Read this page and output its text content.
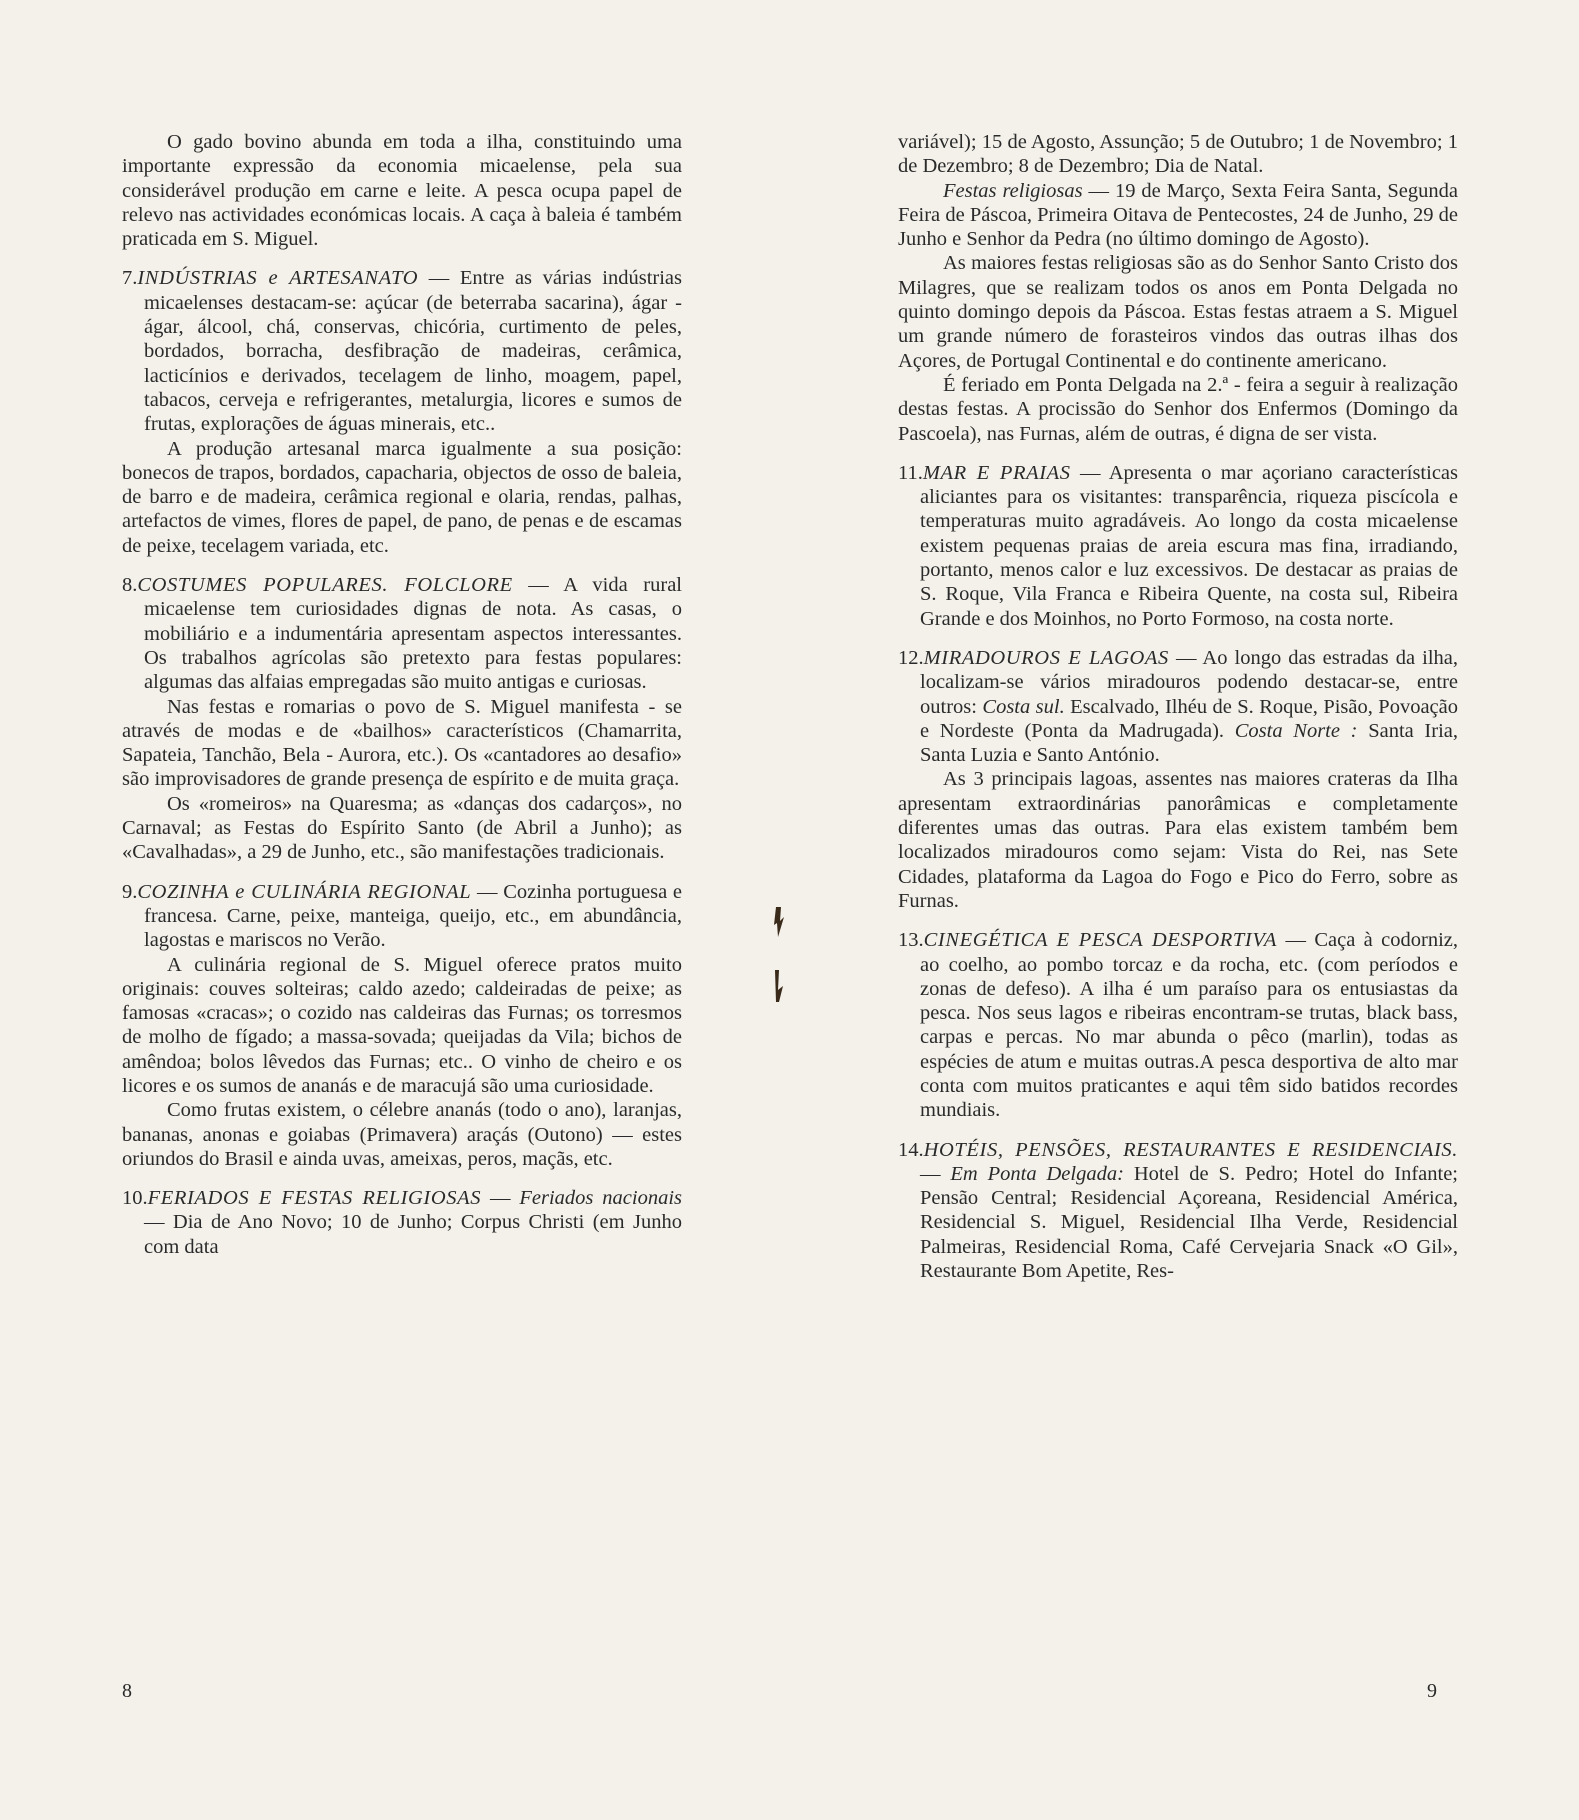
O gado bovino abunda em toda a ilha, constituindo uma importante expressão da economia micaelense, pela sua considerável produção em carne e leite. A pesca ocupa papel de relevo nas actividades económicas locais. A caça à baleia é também praticada em S. Miguel.

7.INDÚSTRIAS e ARTESANATO — Entre as várias indústrias micaelenses destacam-se: açúcar (de beterraba sacarina), ágar - ágar, álcool, chá, conservas, chicória, curtimento de peles, bordados, borracha, desfibração de madeiras, cerâmica, lacticínios e derivados, tecelagem de linho, moagem, papel, tabacos, cerveja e refrigerantes, metalurgia, licores e sumos de frutas, explorações de águas minerais, etc..

A produção artesanal marca igualmente a sua posição: bonecos de trapos, bordados, capacharia, objectos de osso de baleia, de barro e de madeira, cerâmica regional e olaria, rendas, palhas, artefactos de vimes, flores de papel, de pano, de penas e de escamas de peixe, tecelagem variada, etc.

8.COSTUMES POPULARES. FOLCLORE — A vida rural micaelense tem curiosidades dignas de nota. As casas, o mobiliário e a indumentária apresentam aspectos interessantes. Os trabalhos agrícolas são pretexto para festas populares: algumas das alfaias empregadas são muito antigas e curiosas.

Nas festas e romarias o povo de S. Miguel manifesta - se através de modas e de «bailhos» característicos (Chamarrita, Sapateia, Tanchão, Bela - Aurora, etc.). Os «cantadores ao desafio» são improvisadores de grande presença de espírito e de muita graça.

Os «romeiros» na Quaresma; as «danças dos cadarços», no Carnaval; as Festas do Espírito Santo (de Abril a Junho); as «Cavalhadas», a 29 de Junho, etc., são manifestações tradicionais.

9.COZINHA e CULINÁRIA REGIONAL — Cozinha portuguesa e francesa. Carne, peixe, manteiga, queijo, etc., em abundância, lagostas e mariscos no Verão.

A culinária regional de S. Miguel oferece pratos muito originais: couves solteiras; caldo azedo; caldeiradas de peixe; as famosas «cracas»; o cozido nas caldeiras das Furnas; os torresmos de molho de fígado; a massa-sovada; queijadas da Vila; bichos de amêndoa; bolos lêvedos das Furnas; etc.. O vinho de cheiro e os licores e os sumos de ananás e de maracujá são uma curiosidade.

Como frutas existem, o célebre ananás (todo o ano), laranjas, bananas, anonas e goiabas (Primavera) araçás (Outono) — estes oriundos do Brasil e ainda uvas, ameixas, peros, maçãs, etc.

10.FERIADOS E FESTAS RELIGIOSAS — Feriados nacionais — Dia de Ano Novo; 10 de Junho; Corpus Christi (em Junho com data

8

variável); 15 de Agosto, Assunção; 5 de Outubro; 1 de Novembro; 1 de Dezembro; 8 de Dezembro; Dia de Natal.

Festas religiosas — 19 de Março, Sexta Feira Santa, Segunda Feira de Páscoa, Primeira Oitava de Pentecostes, 24 de Junho, 29 de Junho e Senhor da Pedra (no último domingo de Agosto).

As maiores festas religiosas são as do Senhor Santo Cristo dos Milagres, que se realizam todos os anos em Ponta Delgada no quinto domingo depois da Páscoa. Estas festas atraem a S. Miguel um grande número de forasteiros vindos das outras ilhas dos Açores, de Portugal Continental e do continente americano.

É feriado em Ponta Delgada na 2.ª - feira a seguir à realização destas festas. A procissão do Senhor dos Enfermos (Domingo da Pascoela), nas Furnas, além de outras, é digna de ser vista.

11.MAR E PRAIAS — Apresenta o mar açoriano características aliciantes para os visitantes: transparência, riqueza piscícola e temperaturas muito agradáveis. Ao longo da costa micaelense existem pequenas praias de areia escura mas fina, irradiando, portanto, menos calor e luz excessivos. De destacar as praias de S. Roque, Vila Franca e Ribeira Quente, na costa sul, Ribeira Grande e dos Moinhos, no Porto Formoso, na costa norte.

12.MIRADOUROS E LAGOAS — Ao longo das estradas da ilha, localizam-se vários miradouros podendo destacar-se, entre outros: Costa sul. Escalvado, Ilhéu de S. Roque, Pisão, Povoação e Nordeste (Ponta da Madrugada). Costa Norte : Santa Iria, Santa Luzia e Santo António.

As 3 principais lagoas, assentes nas maiores crateras da Ilha apresentam extraordinárias panorâmicas e completamente diferentes umas das outras. Para elas existem também bem localizados miradouros como sejam: Vista do Rei, nas Sete Cidades, plataforma da Lagoa do Fogo e Pico do Ferro, sobre as Furnas.

13.CINEGÉTICA E PESCA DESPORTIVA — Caça à codorniz, ao coelho, ao pombo torcaz e da rocha, etc. (com períodos e zonas de defeso). A ilha é um paraíso para os entusiastas da pesca. Nos seus lagos e ribeiras encontram-se trutas, black bass, carpas e percas. No mar abunda o pêco (marlin), todas as espécies de atum e muitas outras.A pesca desportiva de alto mar conta com muitos praticantes e aqui têm sido batidos recordes mundiais.

14.HOTÉIS, PENSÕES, RESTAURANTES E RESIDENCIAIS. — Em Ponta Delgada: Hotel de S. Pedro; Hotel do Infante; Pensão Central; Residencial Açoreana, Residencial América, Residencial S. Miguel, Residencial Ilha Verde, Residencial Palmeiras, Residencial Roma, Café Cervejaria Snack «O Gil», Restaurante Bom Apetite, Res-

9
